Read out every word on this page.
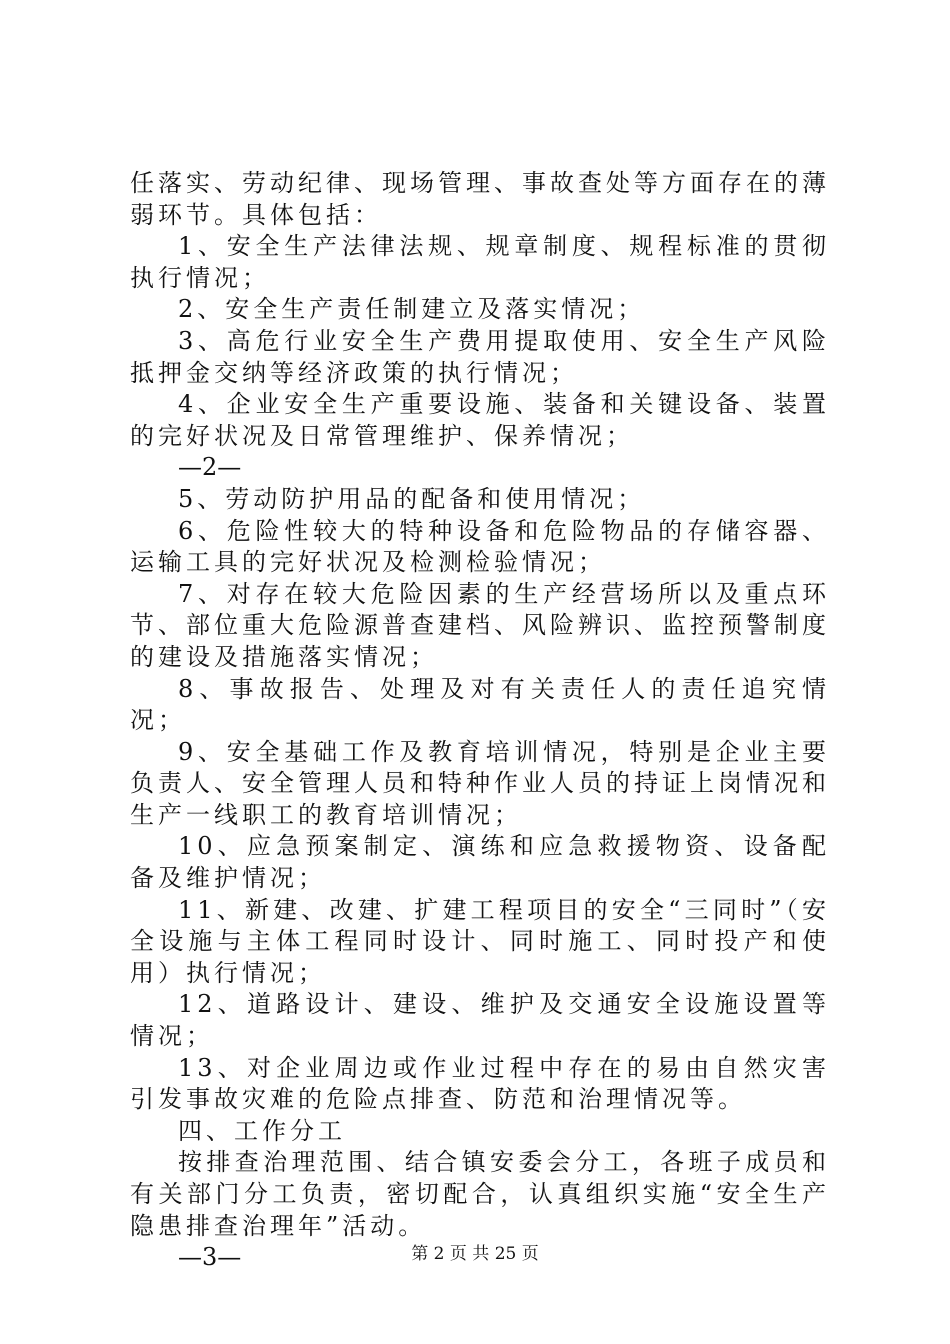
任落实、劳动纪律、现场管理、事故查处等方面存在的薄弱环节。具体包括：

1、安全生产法律法规、规章制度、规程标准的贯彻执行情况；

2、安全生产责任制建立及落实情况；

3、高危行业安全生产费用提取使用、安全生产风险抵押金交纳等经济政策的执行情况；

4、企业安全生产重要设施、装备和关键设备、装置的完好状况及日常管理维护、保养情况；

—2—

5、劳动防护用品的配备和使用情况；

6、危险性较大的特种设备和危险物品的存储容器、运输工具的完好状况及检测检验情况；

7、对存在较大危险因素的生产经营场所以及重点环节、部位重大危险源普查建档、风险辨识、监控预警制度的建设及措施落实情况；

8、事故报告、处理及对有关责任人的责任追究情况；

9、安全基础工作及教育培训情况，特别是企业主要负责人、安全管理人员和特种作业人员的持证上岗情况和生产一线职工的教育培训情况；

10、应急预案制定、演练和应急救援物资、设备配备及维护情况；

11、新建、改建、扩建工程项目的安全“三同时”（安全设施与主体工程同时设计、同时施工、同时投产和使用）执行情况；

12、道路设计、建设、维护及交通安全设施设置等情况；

13、对企业周边或作业过程中存在的易由自然灾害引发事故灾难的危险点排查、防范和治理情况等。

四、工作分工

按排查治理范围、结合镇安委会分工，各班子成员和有关部门分工负责，密切配合，认真组织实施“安全生产隐患排查治理年”活动。

—3—	第 2 页 共 25 页
